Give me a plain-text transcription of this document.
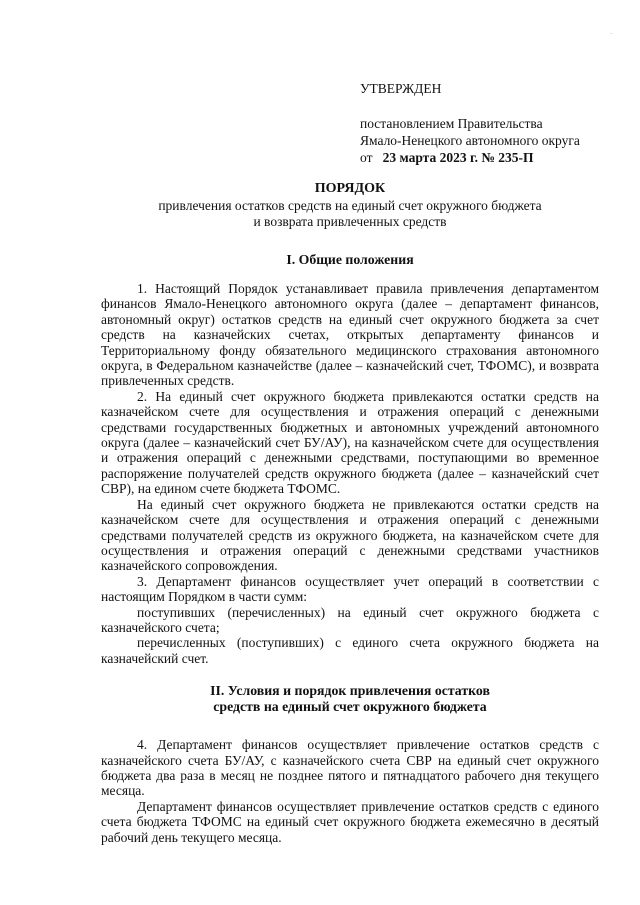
·
УТВЕРЖДЕН
постановлением Правительства
Ямало-Ненецкого автономного округа
от 23 марта 2023 г. № 235-П
ПОРЯДОК
привлечения остатков средств на единый счет окружного бюджета
и возврата привлеченных средств
I. Общие положения

1. Настоящий Порядок устанавливает правила привлечения департаментом финансов Ямало-Ненецкого автономного округа (далее – департамент финансов, автономный округ) остатков средств на единый счет окружного бюджета за счет средств на казначейских счетах, открытых департаменту финансов и Территориальному фонду обязательного медицинского страхования автономного округа, в Федеральном казначействе (далее – казначейский счет, ТФОМС), и возврата привлеченных средств.

2. На единый счет окружного бюджета привлекаются остатки средств на казначейском счете для осуществления и отражения операций с денежными средствами государственных бюджетных и автономных учреждений автономного округа (далее – казначейский счет БУ/АУ), на казначейском счете для осуществления и отражения операций с денежными средствами, поступающими во временное распоряжение получателей средств окружного бюджета (далее – казначейский счет СВР), на едином счете бюджета ТФОМС.

На единый счет окружного бюджета не привлекаются остатки средств на казначейском счете для осуществления и отражения операций с денежными средствами получателей средств из окружного бюджета, на казначейском счете для осуществления и отражения операций с денежными средствами участников казначейского сопровождения.

3. Департамент финансов осуществляет учет операций в соответствии с настоящим Порядком в части сумм:

поступивших (перечисленных) на единый счет окружного бюджета с казначейского счета;

перечисленных (поступивших) с единого счета окружного бюджета на казначейский счет.

II. Условия и порядок привлечения остатков
средств на единый счет окружного бюджета

4. Департамент финансов осуществляет привлечение остатков средств с казначейского счета БУ/АУ, с казначейского счета СВР на единый счет окружного бюджета два раза в месяц не позднее пятого и пятнадцатого рабочего дня текущего месяца.

Департамент финансов осуществляет привлечение остатков средств с единого счета бюджета ТФОМС на единый счет окружного бюджета ежемесячно в десятый рабочий день текущего месяца.
